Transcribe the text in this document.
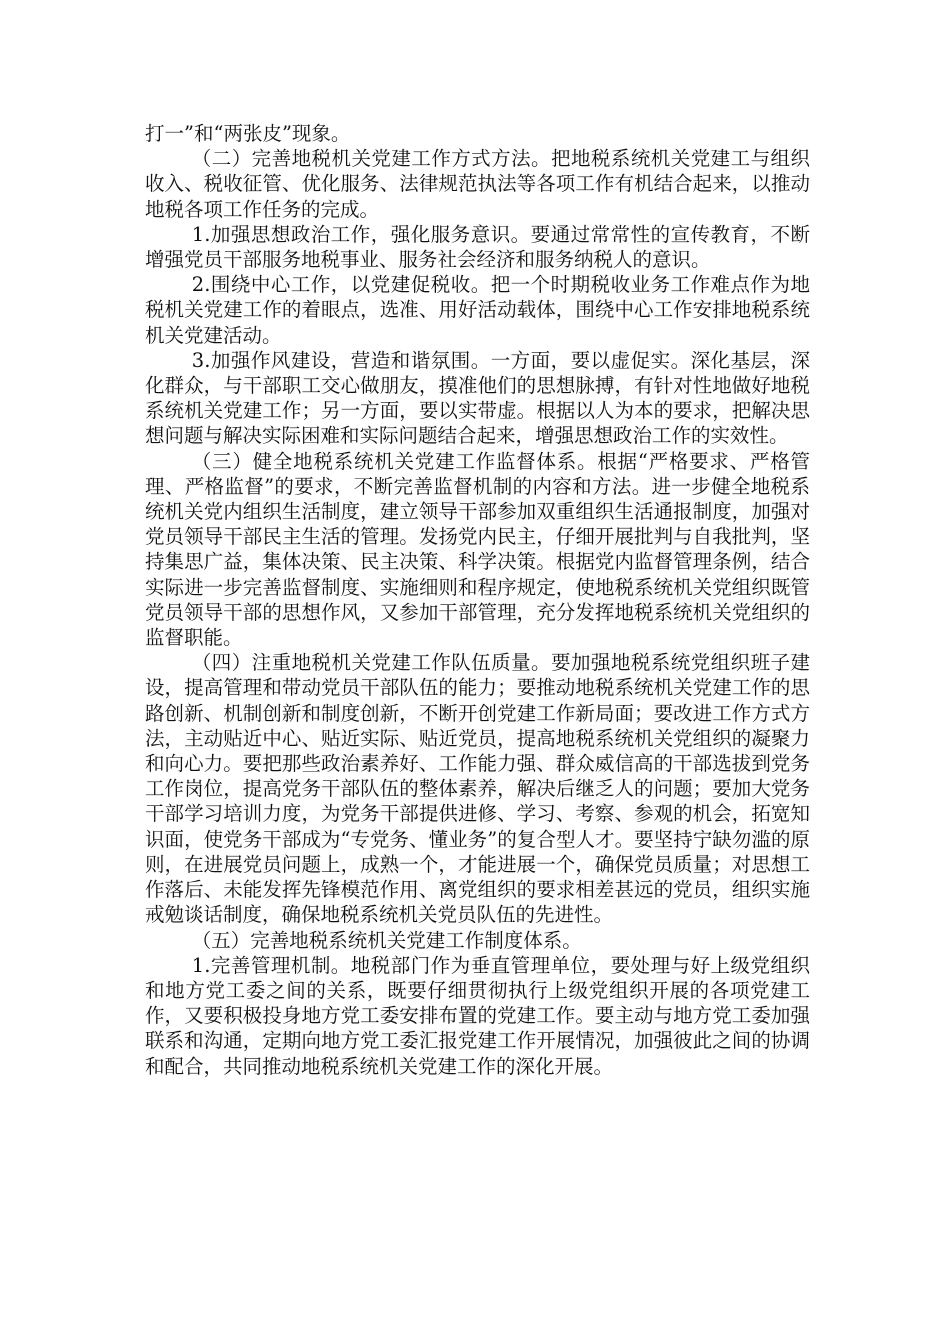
打一”和“两张皮”现象。

（二）完善地税机关党建工作方式方法。把地税系统机关党建工与组织收入、税收征管、优化服务、法律规范执法等各项工作有机结合起来，以推动地税各项工作任务的完成。

1.加强思想政治工作，强化服务意识。要通过常常性的宣传教育，不断增强党员干部服务地税事业、服务社会经济和服务纳税人的意识。

2.围绕中心工作，以党建促税收。把一个时期税收业务工作难点作为地税机关党建工作的着眼点，选准、用好活动载体，围绕中心工作安排地税系统机关党建活动。

3.加强作风建设，营造和谐氛围。一方面，要以虚促实。深化基层，深化群众，与干部职工交心做朋友，摸准他们的思想脉搏，有针对性地做好地税系统机关党建工作；另一方面，要以实带虚。根据以人为本的要求，把解决思想问题与解决实际困难和实际问题结合起来，增强思想政治工作的实效性。

（三）健全地税系统机关党建工作监督体系。根据“严格要求、严格管理、严格监督”的要求，不断完善监督机制的内容和方法。进一步健全地税系统机关党内组织生活制度，建立领导干部参加双重组织生活通报制度，加强对党员领导干部民主生活的管理。发扬党内民主，仔细开展批判与自我批判，坚持集思广益，集体决策、民主决策、科学决策。根据党内监督管理条例，结合实际进一步完善监督制度、实施细则和程序规定，使地税系统机关党组织既管党员领导干部的思想作风，又参加干部管理，充分发挥地税系统机关党组织的监督职能。

（四）注重地税机关党建工作队伍质量。要加强地税系统党组织班子建设，提高管理和带动党员干部队伍的能力；要推动地税系统机关党建工作的思路创新、机制创新和制度创新，不断开创党建工作新局面；要改进工作方式方法，主动贴近中心、贴近实际、贴近党员，提高地税系统机关党组织的凝聚力和向心力。要把那些政治素养好、工作能力强、群众威信高的干部选拔到党务工作岗位，提高党务干部队伍的整体素养，解决后继乏人的问题；要加大党务干部学习培训力度，为党务干部提供进修、学习、考察、参观的机会，拓宽知识面，使党务干部成为“专党务、懂业务”的复合型人才。要坚持宁缺勿滥的原则，在进展党员问题上，成熟一个，才能进展一个，确保党员质量；对思想工作落后、未能发挥先锋模范作用、离党组织的要求相差甚远的党员，组织实施戒勉谈话制度，确保地税系统机关党员队伍的先进性。

（五）完善地税系统机关党建工作制度体系。

1.完善管理机制。地税部门作为垂直管理单位，要处理与好上级党组织和地方党工委之间的关系，既要仔细贯彻执行上级党组织开展的各项党建工作，又要积极投身地方党工委安排布置的党建工作。要主动与地方党工委加强联系和沟通，定期向地方党工委汇报党建工作开展情况，加强彼此之间的协调和配合，共同推动地税系统机关党建工作的深化开展。
